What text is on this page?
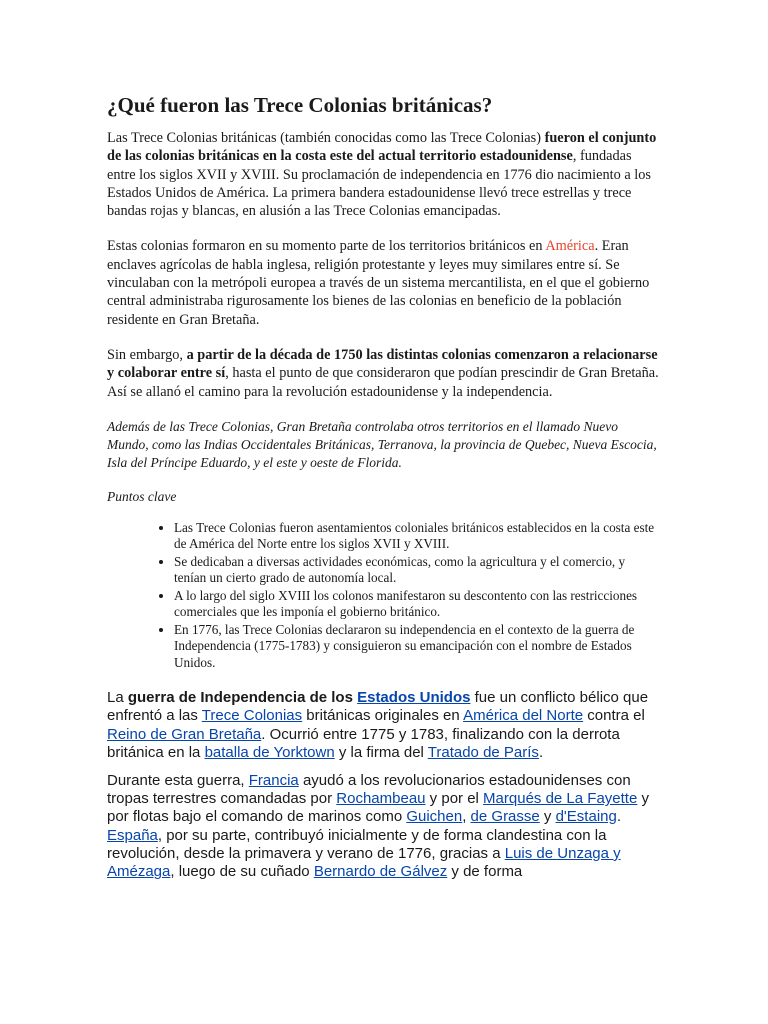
¿Qué fueron las Trece Colonias británicas?

Las Trece Colonias británicas (también conocidas como las Trece Colonias) fueron el conjunto de las colonias británicas en la costa este del actual territorio estadounidense, fundadas entre los siglos XVII y XVIII. Su proclamación de independencia en 1776 dio nacimiento a los Estados Unidos de América. La primera bandera estadounidense llevó trece estrellas y trece bandas rojas y blancas, en alusión a las Trece Colonias emancipadas.

Estas colonias formaron en su momento parte de los territorios británicos en América. Eran enclaves agrícolas de habla inglesa, religión protestante y leyes muy similares entre sí. Se vinculaban con la metrópoli europea a través de un sistema mercantilista, en el que el gobierno central administraba rigurosamente los bienes de las colonias en beneficio de la población residente en Gran Bretaña.

Sin embargo, a partir de la década de 1750 las distintas colonias comenzaron a relacionarse y colaborar entre sí, hasta el punto de que consideraron que podían prescindir de Gran Bretaña. Así se allanó el camino para la revolución estadounidense y la independencia.

Además de las Trece Colonias, Gran Bretaña controlaba otros territorios en el llamado Nuevo Mundo, como las Indias Occidentales Británicas, Terranova, la provincia de Quebec, Nueva Escocia, Isla del Príncipe Eduardo, y el este y oeste de Florida.

Puntos clave

• Las Trece Colonias fueron asentamientos coloniales británicos establecidos en la costa este de América del Norte entre los siglos XVII y XVIII.
• Se dedicaban a diversas actividades económicas, como la agricultura y el comercio, y tenían un cierto grado de autonomía local.
• A lo largo del siglo XVIII los colonos manifestaron su descontento con las restricciones comerciales que les imponía el gobierno británico.
• En 1776, las Trece Colonias declararon su independencia en el contexto de la guerra de Independencia (1775-1783) y consiguieron su emancipación con el nombre de Estados Unidos.

La guerra de Independencia de los Estados Unidos fue un conflicto bélico que enfrentó a las Trece Colonias británicas originales en América del Norte contra el Reino de Gran Bretaña. Ocurrió entre 1775 y 1783, finalizando con la derrota británica en la batalla de Yorktown y la firma del Tratado de París.

Durante esta guerra, Francia ayudó a los revolucionarios estadounidenses con tropas terrestres comandadas por Rochambeau y por el Marqués de La Fayette y por flotas bajo el comando de marinos como Guichen, de Grasse y d'Estaing. España, por su parte, contribuyó inicialmente y de forma clandestina con la revolución, desde la primavera y verano de 1776, gracias a Luis de Unzaga y Amézaga, luego de su cuñado Bernardo de Gálvez y de forma
